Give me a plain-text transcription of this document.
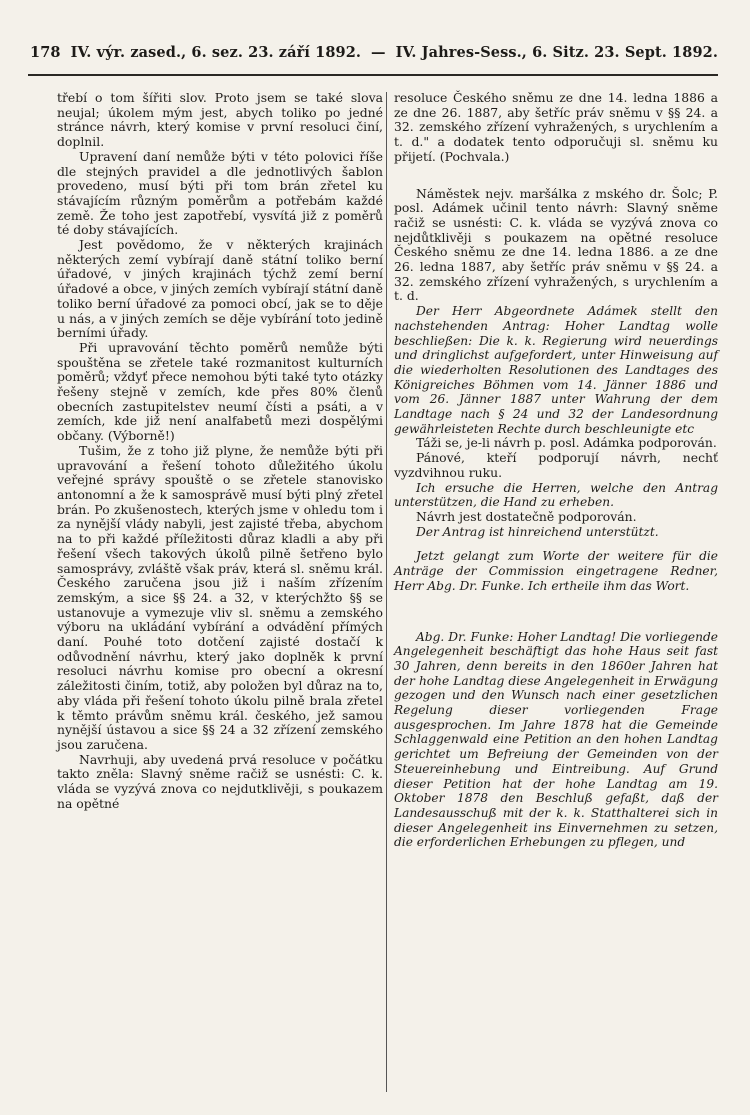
178 IV. výr. zased., 6. sez. 23. září 1892. — IV. Jahres-Sess., 6. Sitz. 23. Sept. 1892.

třebí o tom šířiti slov. Proto jsem se také slova neujal; úkolem mým jest, abych toliko po jedné stránce návrh, který komise v první resoluci činí, doplnil.

Upravení daní nemůže býti v této polovici říše dle stejných pravidel a dle jednotlivých šablon provedeno, musí býti při tom brán zřetel ku stávajícím různým poměrům a potřebám každé země. Že toho jest zapotřebí, vysvítá již z poměrů té doby stávajících.

Jest povědomo, že v některých krajinách některých zemí vybírají daně státní toliko berní úřadové, v jiných krajinách týchž zemí berní úřadové a obce, v jiných zemích vybírají státní daně toliko berní úřadové za pomoci obcí, jak se to děje u nás, a v jiných zemích se děje vybírání toto jedině berními úřady.

Při upravování těchto poměrů nemůže býti spouštěna se zřetele také rozmanitost kulturních poměrů; vždyť přece nemohou býti také tyto otázky řešeny stejně v zemích, kde přes 80% členů obecních zastupitelstev neumí čísti a psáti, a v zemích, kde již není analfabetů mezi dospělými občany. (Výborně!)

Tušim, že z toho již plyne, že nemůže býti při upravování a řešení tohoto důležitého úkolu veřejné správy spouště o se zřetele stanovisko antonomní a že k samosprávě musí býti plný zřetel brán. Po zkušenostech, kterých jsme v ohledu tom i za nynější vlády nabyli, jest zajisté třeba, abychom na to při každé příležitosti důraz kladli a aby při řešení všech takových úkolů pilně šetřeno bylo samosprávy, zvláště však práv, která sl. sněmu král. Českého zaručena jsou již i naším zřízením zemským, a sice §§ 24. a 32, v kterýchžto §§ se ustanovuje a vymezuje vliv sl. sněmu a zemského výboru na ukládání vybírání a odvádění přímých daní. Pouhé toto dotčení zajisté dostačí k odůvodnění návrhu, který jako doplněk k první resoluci návrhu komise pro obecní a okresní záležitosti činím, totiž, aby položen byl důraz na to, aby vláda při řešení tohoto úkolu pilně brala zřetel k těmto právům sněmu král. českého, jež samou nynější ústavou a sice §§ 24 a 32 zřízení zemského jsou zaručena.

Navrhuji, aby uvedená prvá resoluce v počátku takto zněla: Slavný sněme račiž se usnésti: C. k. vláda se vyzývá znova co nejdutklivěji, s poukazem na opětné

resoluce Českého sněmu ze dne 14. ledna 1886 a ze dne 26. 1887, aby šetříc práv sněmu v §§ 24. a 32. zemského zřízení vyhražených, s urychlením a t. d." a dodatek tento odporučuji sl. sněmu ku přijetí. (Pochvala.)

Náměstek nejv. maršálka z mského dr. Šolc; P. posl. Adámek učinil tento návrh: Slavný sněme račiž se usnésti: C. k. vláda se vyzývá znova co nejdůtklivěji s poukazem na opětné resoluce Českého sněmu ze dne 14. ledna 1886. a ze dne 26. ledna 1887, aby šetříc práv sněmu v §§ 24. a 32. zemského zřízení vyhražených, s urychlením a t. d.

Der Herr Abgeordnete Adámek stellt den nachstehenden Antrag: Hoher Landtag wolle beschließen: Die k. k. Regierung wird neuerdings und dringlichst aufgefordert, unter Hinweisung auf die wiederholten Resolutionen des Landtages des Königreiches Böhmen vom 14. Jänner 1886 und vom 26. Jänner 1887 unter Wahrung der dem Landtage nach § 24 und 32 der Landesordnung gewährleisteten Rechte durch beschleunigte etc

Táži se, je-li návrh p. posl. Adámka podporován.

Pánové, kteří podporují návrh, nechť vyzdvihnou ruku.

Ich ersuche die Herren, welche den Antrag unterstützen, die Hand zu erheben.

Návrh jest dostatečně podporován.

Der Antrag ist hinreichend unterstützt.

Jetzt gelangt zum Worte der weitere für die Anträge der Commission eingetragene Redner, Herr Abg. Dr. Funke. Ich ertheile ihm das Wort.

Abg. Dr. Funke: Hoher Landtag! Die vorliegende Angelegenheit beschäftigt das hohe Haus seit fast 30 Jahren, denn bereits in den 1860er Jahren hat der hohe Landtag diese Angelegenheit in Erwägung gezogen und den Wunsch nach einer gesetzlichen Regelung dieser vorliegenden Frage ausgesprochen. Im Jahre 1878 hat die Gemeinde Schlaggenwald eine Petition an den hohen Landtag gerichtet um Befreiung der Gemeinden von der Steuereinhebung und Eintreibung. Auf Grund dieser Petition hat der hohe Landtag am 19. Oktober 1878 den Beschluß gefaßt, daß der Landesausschuß mit der k. k. Statthalterei sich in dieser Angelegenheit ins Einvernehmen zu setzen, die erforderlichen Erhebungen zu pflegen, und
